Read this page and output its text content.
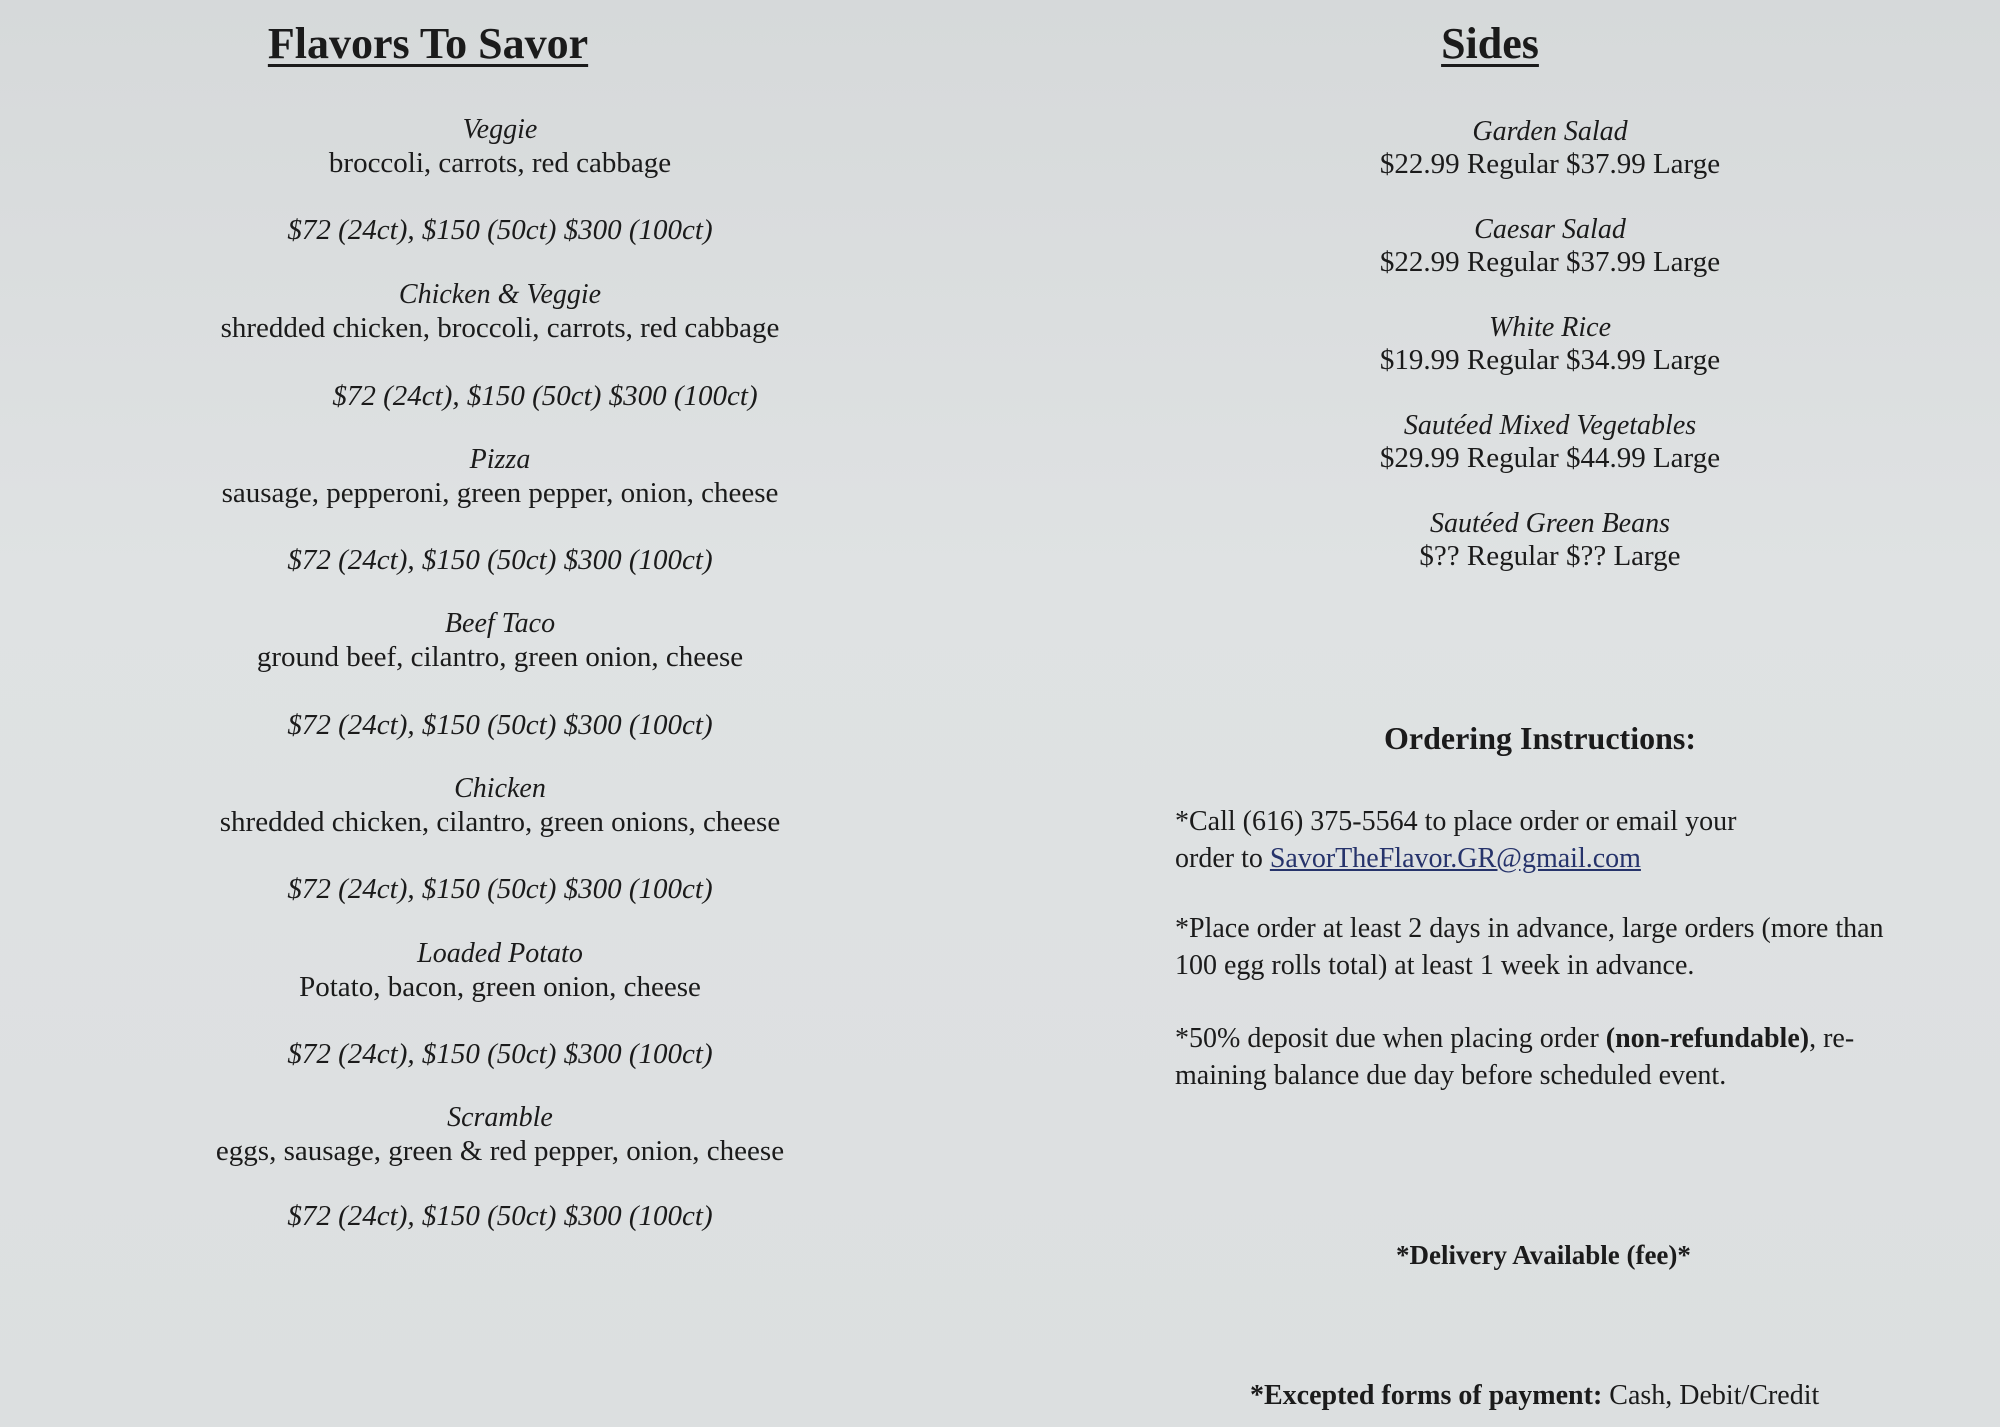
Flavors To Savor
Veggie
broccoli, carrots, red cabbage
$72 (24ct), $150 (50ct) $300 (100ct)
Chicken & Veggie
shredded chicken, broccoli, carrots, red cabbage
$72 (24ct), $150 (50ct) $300 (100ct)
Pizza
sausage, pepperoni, green pepper, onion, cheese
$72 (24ct), $150 (50ct) $300 (100ct)
Beef Taco
ground beef, cilantro, green onion, cheese
$72 (24ct), $150 (50ct) $300 (100ct)
Chicken
shredded chicken, cilantro, green onions, cheese
$72 (24ct), $150 (50ct) $300 (100ct)
Loaded Potato
Potato, bacon, green onion, cheese
$72 (24ct), $150 (50ct) $300 (100ct)
Scramble
eggs, sausage, green & red pepper, onion, cheese
$72 (24ct), $150 (50ct) $300 (100ct)
Sides
Garden Salad
$22.99 Regular $37.99 Large
Caesar Salad
$22.99 Regular $37.99 Large
White Rice
$19.99 Regular $34.99 Large
Sautéed Mixed Vegetables
$29.99 Regular $44.99 Large
Sautéed Green Beans
$?? Regular $?? Large
Ordering Instructions:
*Call (616) 375-5564 to place order or email your
order to SavorTheFlavor.GR@gmail.com
*Place order at least 2 days in advance, large orders (more than
100 egg rolls total) at least 1 week in advance.
*50% deposit due when placing order (non-refundable), re-
maining balance due day before scheduled event.
*Delivery Available (fee)*
*Excepted forms of payment: Cash, Debit/Credit
